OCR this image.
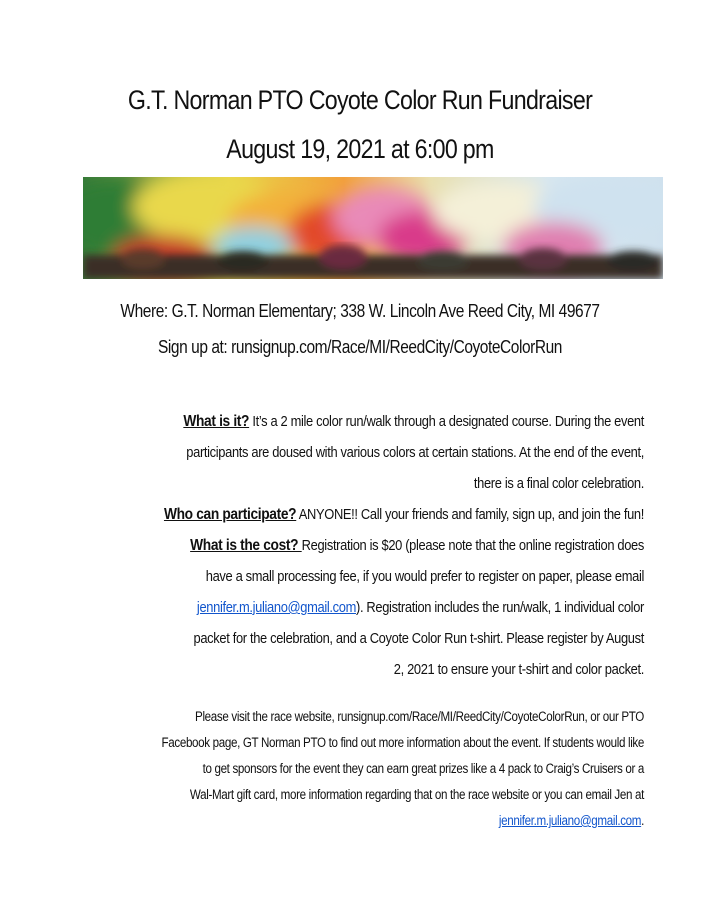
G.T. Norman PTO Coyote Color Run Fundraiser
August 19, 2021 at 6:00 pm
Where: G.T. Norman Elementary; 338 W. Lincoln Ave Reed City, MI 49677
Sign up at: runsignup.com/Race/MI/ReedCity/CoyoteColorRun
What is it? It’s a 2 mile color run/walk through a designated course. During the event
participants are doused with various colors at certain stations. At the end of the event,
there is a final color celebration.
Who can participate? ANYONE!! Call your friends and family, sign up, and join the fun!
What is the cost? Registration is $20 (please note that the online registration does
have a small processing fee, if you would prefer to register on paper, please email
jennifer.m.juliano@gmail.com). Registration includes the run/walk, 1 individual color
packet for the celebration, and a Coyote Color Run t-shirt. Please register by August
2, 2021 to ensure your t-shirt and color packet.
Please visit the race website, runsignup.com/Race/MI/ReedCity/CoyoteColorRun, or our PTO
Facebook page, GT Norman PTO to find out more information about the event. If students would like
to get sponsors for the event they can earn great prizes like a 4 pack to Craig’s Cruisers or a
Wal-Mart gift card, more information regarding that on the race website or you can email Jen at
jennifer.m.juliano@gmail.com.
